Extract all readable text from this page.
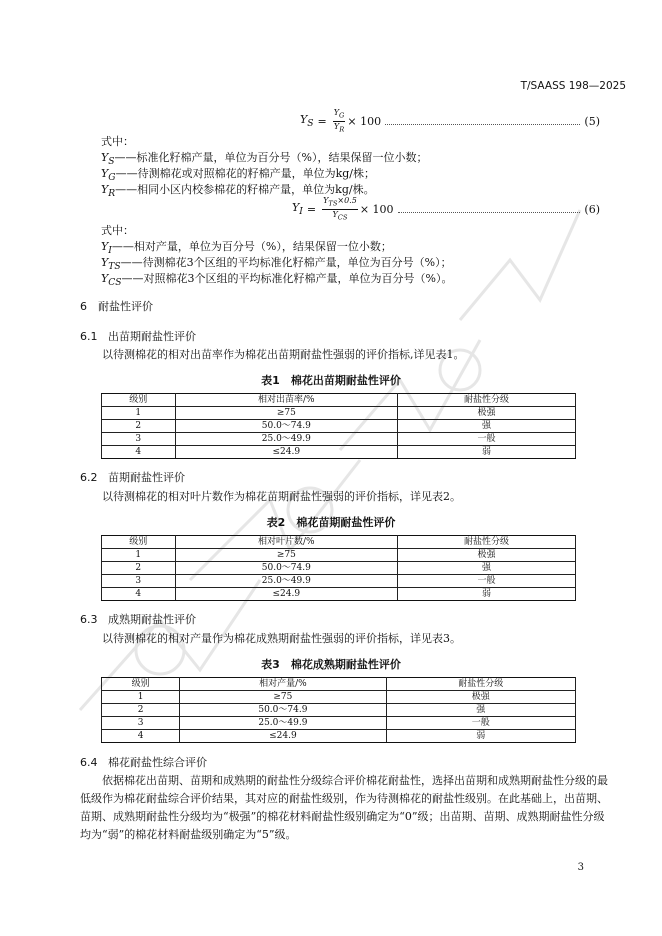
T/SAASS 198—2025
$Y_S = \frac{Y_G}{Y_R} \times 100$	(5)
式中：
$Y_S——$标准化籽棉产量，单位为百分号（%），结果保留一位小数；
$Y_G——$待测棉花或对照棉花的籽棉产量，单位为kg/株；
$Y_R——$相同小区内校参棉花的籽棉产量，单位为kg/株。
$Y_I = \frac{Y_{TS}\times 0.5}{Y_{CS}} \times 100$	(6)
式中：
$Y_I——$相对产量，单位为百分号（%），结果保留一位小数；
$Y_{TS}——$待测棉花3个区组的平均标准化籽棉产量，单位为百分号（%）；
$Y_{CS}——$对照棉花3个区组的平均标准化籽棉产量，单位为百分号（%）。
6 耐盐性评价
6.1 出苗期耐盐性评价
以待测棉花的相对出苗率作为棉花出苗期耐盐性强弱的评价指标,详见表1。
表1　棉花出苗期耐盐性评价
级别	相对出苗率/%	耐盐性分级
1	≥75	极强
2	50.0～74.9	强
3	25.0～49.9	一般
4	≤24.9	弱
6.2 苗期耐盐性评价
以待测棉花的相对叶片数作为棉花苗期耐盐性强弱的评价指标，详见表2。
表2　棉花苗期耐盐性评价
级别	相对叶片数/%	耐盐性分级
1	≥75	极强
2	50.0～74.9	强
3	25.0～49.9	一般
4	≤24.9	弱
6.3 成熟期耐盐性评价
以待测棉花的相对产量作为棉花成熟期耐盐性强弱的评价指标，详见表3。
表3　棉花成熟期耐盐性评价
级别	相对产量/%	耐盐性分级
1	≥75	极强
2	50.0～74.9	强
3	25.0～49.9	一般
4	≤24.9	弱
6.4 棉花耐盐性综合评价
依据棉花出苗期、苗期和成熟期的耐盐性分级综合评价棉花耐盐性，选择出苗期和成熟期耐盐性分级的最低级作为棉花耐盐综合评价结果，其对应的耐盐性级别，作为待测棉花的耐盐性级别。在此基础上，出苗期、苗期、成熟期耐盐性分级均为“极强”的棉花材料耐盐性级别确定为“0”级；出苗期、苗期、成熟期耐盐性分级均为“弱”的棉花材料耐盐级别确定为“5”级。
3
